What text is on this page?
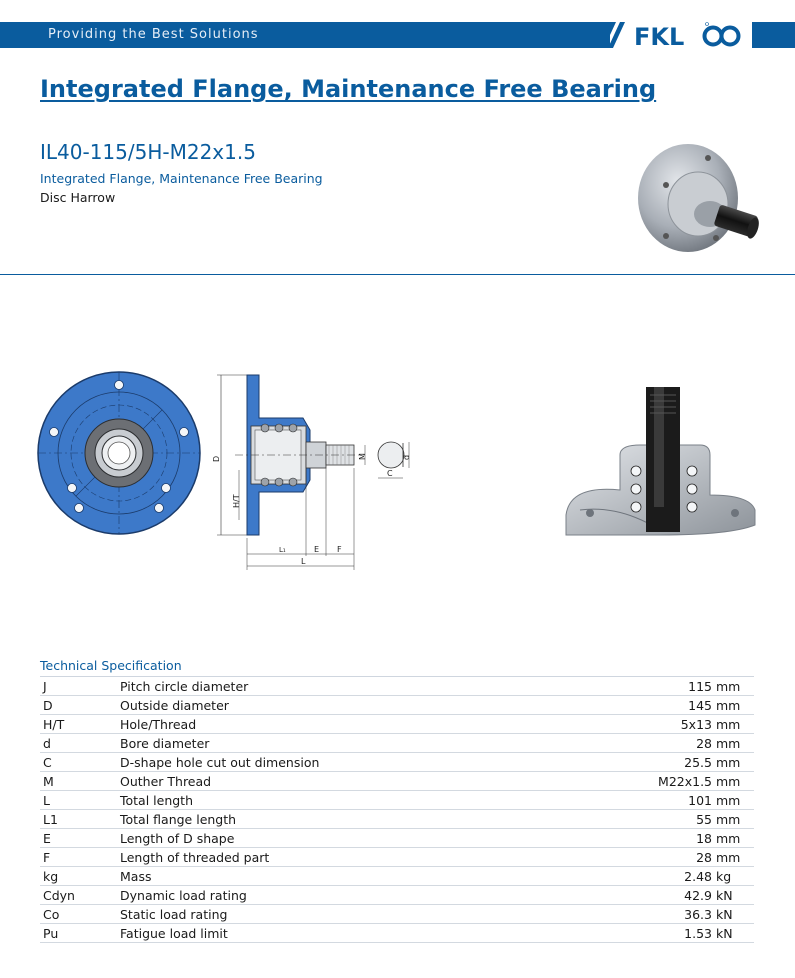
Providing the Best Solutions	FKL
Integrated Flange, Maintenance Free Bearing
IL40-115/5H-M22x1.5
Integrated Flange, Maintenance Free Bearing
Disc Harrow
D
H/T
M	d
C
L₁	E F
L
Technical Specification
J	Pitch circle diameter	115	mm
D	Outside diameter	145	mm
H/T	Hole/Thread	5x13	mm
d	Bore diameter	28	mm
C	D-shape hole cut out dimension	25.5	mm
M	Outher Thread	M22x1.5	mm
L	Total length	101	mm
L1	Total flange length	55	mm
E	Length of D shape	18	mm
F	Length of threaded part	28	mm
kg	Mass	2.48	kg
Cdyn	Dynamic load rating	42.9	kN
Co	Static load rating	36.3	kN
Pu	Fatigue load limit	1.53	kN
